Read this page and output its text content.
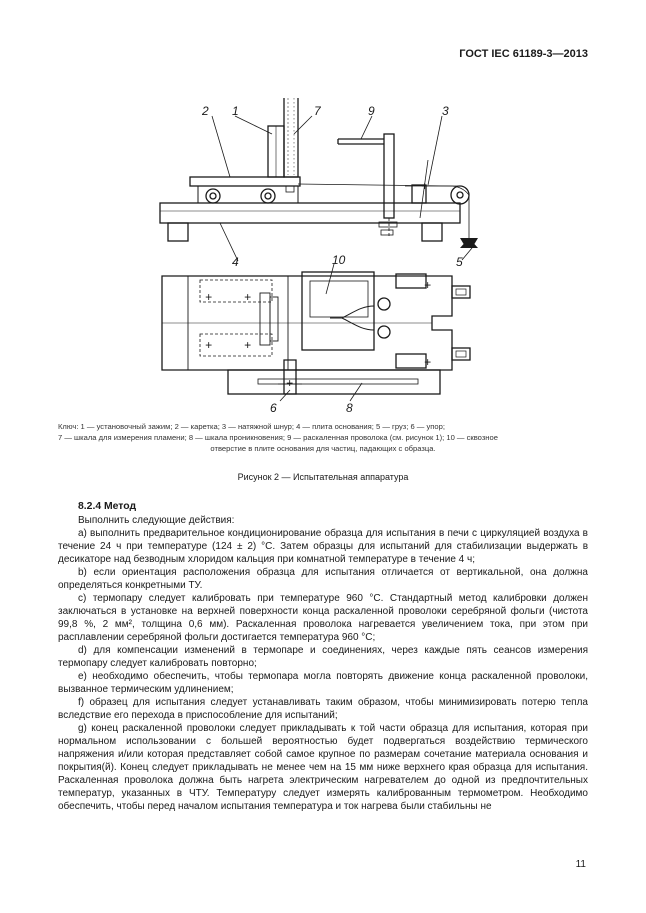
ГОСТ IEC 61189-3—2013
2 1	7	9	3
4	5
10
6	8
+	+
+	+
+
+
+
+
Ключ: 1 — установочный зажим; 2 — каретка; 3 — натяжной шнур; 4 — плита основания; 5 — груз; 6 — упор;
7 — шкала для измерения пламени; 8 — шкала проникновения; 9 — раскаленная проволока (см. рисунок 1); 10 — сквозное
отверстие в плите основания для частиц, падающих с образца.
Рисунок 2 — Испытательная аппаратура
8.2.4 Метод

Выполнить следующие действия:

а) выполнить предварительное кондиционирование образца для испытания в печи с циркуляцией воздуха в течение 24 ч при температуре (124 ± 2) °С. Затем образцы для испытаний для стабилизации выдержать в десикаторе над безводным хлоридом кальция при комнатной температуре в течение 4 ч;

b) если ориентация расположения образца для испытания отличается от вертикальной, она должна определяться конкретными ТУ.

с) термопару следует калибровать при температуре 960 °С. Стандартный метод калибровки должен заключаться в установке на верхней поверхности конца раскаленной проволоки серебряной фольги (чистота 99,8 %, 2 мм², толщина 0,6 мм). Раскаленная проволока нагревается увеличением тока, при этом при расплавлении серебряной фольги достигается температура 960 °С;

d) для компенсации изменений в термопаре и соединениях, через каждые пять сеансов измерения термопару следует калибровать повторно;

е) необходимо обеспечить, чтобы термопара могла повторять движение конца раскаленной проволоки, вызванное термическим удлинением;

f) образец для испытания следует устанавливать таким образом, чтобы минимизировать потерю тепла вследствие его перехода в приспособление для испытаний;

g) конец раскаленной проволоки следует прикладывать к той части образца для испытания, которая при нормальном использовании с большей вероятностью будет подвергаться воздействию термического напряжения и/или которая представляет собой самое крупное по размерам сочетание материала основания и покрытия(й). Конец следует прикладывать не менее чем на 15 мм ниже верхнего края образца для испытания. Раскаленная проволока должна быть нагрета электрическим нагревателем до одной из предпочтительных температур, указанных в ЧТУ. Температуру следует измерять калиброванным термометром. Необходимо обеспечить, чтобы перед началом испытания температура и ток нагрева были стабильны не

11
